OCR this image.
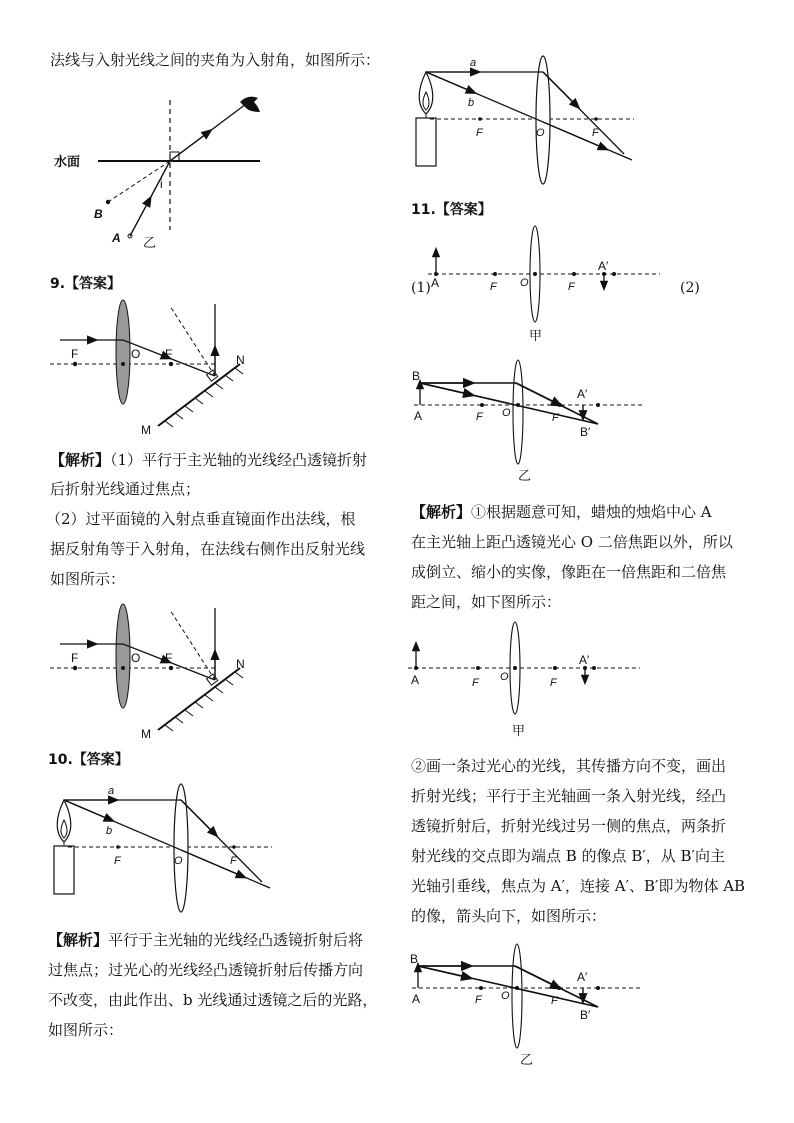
法线与入射光线之间的夹角为入射角，如图所示：
水面
i
B
A 乙
9.【答案】
F	O F	N
M
【解析】（1）平行于主光轴的光线经凸透镜折射
后折射光线通过焦点；
（2）过平面镜的入射点垂直镜面作出法线，根
据反射角等于入射角，在法线右侧作出反射光线
如图所示：
F	O F	N
M
10.【答案】
a
b
F	O	F
【解析】平行于主光轴的光线经凸透镜折射后将
过焦点；过光心的光线经凸透镜折射后传播方向
不改变，由此作出、b 光线通过透镜之后的光路，
如图所示：
a
b
F	O	F
11.【答案】
(1)	(2)
A	F O	F
A′
甲
B
A	F O	F
A′
B′
乙
【解析】①根据题意可知，蜡烛的烛焰中心 A
在主光轴上距凸透镜光心 O 二倍焦距以外，所以
成倒立、缩小的实像，像距在一倍焦距和二倍焦
距之间，如下图所示：
A	F O	F
A′
甲
②画一条过光心的光线，其传播方向不变，画出
折射光线；平行于主光轴画一条入射光线，经凸
透镜折射后，折射光线过另一侧的焦点，两条折
射光线的交点即为端点 B 的像点 B′，从 B′向主
光轴引垂线，焦点为 A′，连接 A′、B′即为物体 AB
的像，箭头向下，如图所示：
B
A	F O	F
A′
B′
乙
